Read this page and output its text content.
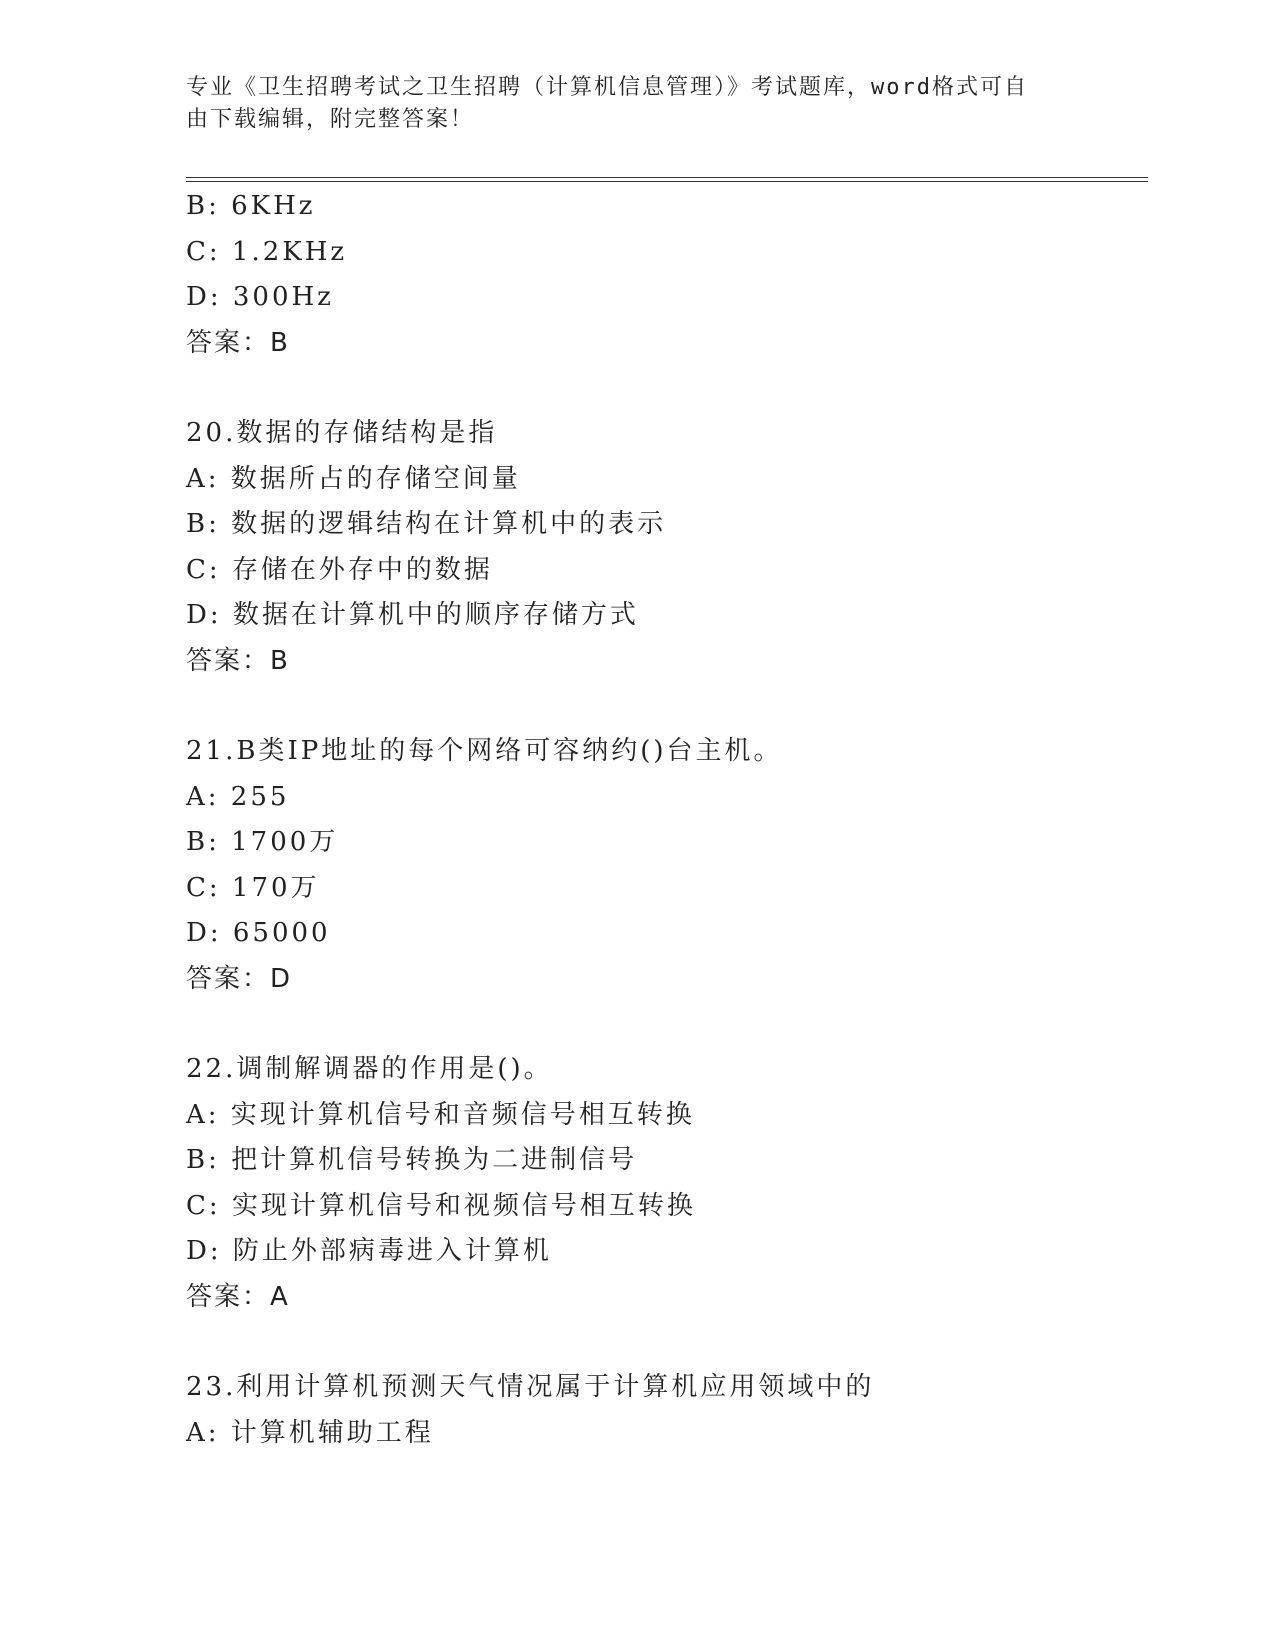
专业《卫生招聘考试之卫生招聘（计算机信息管理）》考试题库，word格式可自
由下载编辑，附完整答案！
B: 6KHz
C: 1.2KHz
D: 300Hz
答案：B
20.数据的存储结构是指
A: 数据所占的存储空间量
B: 数据的逻辑结构在计算机中的表示
C: 存储在外存中的数据
D: 数据在计算机中的顺序存储方式
答案：B
21.B类IP地址的每个网络可容纳约()台主机。
A: 255
B: 1700万
C: 170万
D: 65000
答案：D
22.调制解调器的作用是()。
A: 实现计算机信号和音频信号相互转换
B: 把计算机信号转换为二进制信号
C: 实现计算机信号和视频信号相互转换
D: 防止外部病毒进入计算机
答案：A
23.利用计算机预测天气情况属于计算机应用领域中的
A: 计算机辅助工程
